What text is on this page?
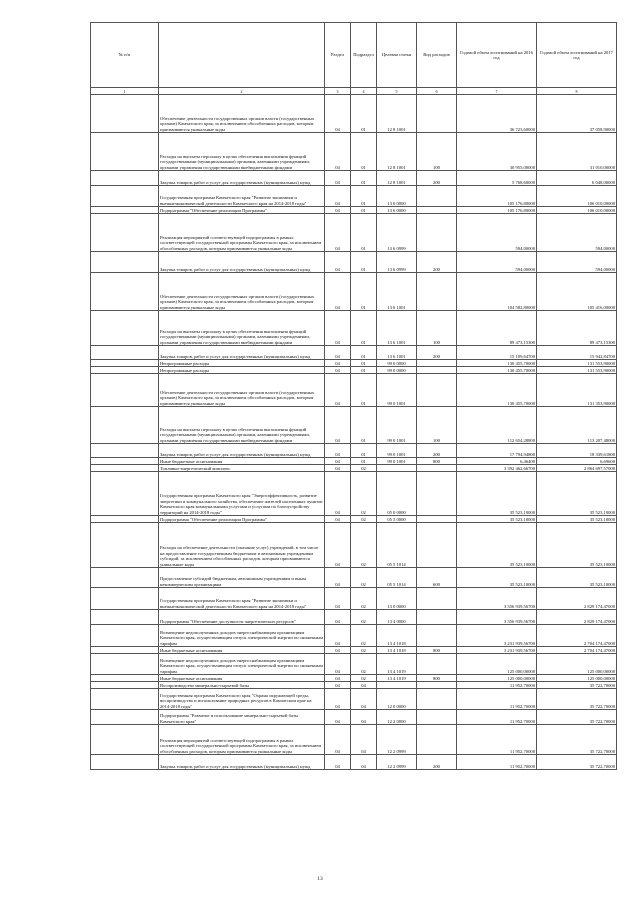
№ п/п		Раздел	Подраздел	Целевая статья	Вид расходов	Годовой объем ассигнований на 2016 год	Годовой объем ассигнований на 2017 год
1	2	3	4	5	6	7	8
	Обеспечение деятельности государственных органов власти (государственных органов) Камчатского края, за исключением обособленных расходов, которым присваиваются уникальные коды	04	01	12 8 1001		36 723,60000	37 058,90000
	Расходы на выплаты персоналу в целях обеспечения выполнения функций государственными (муниципальными) органами, казенными учреждениями, органами управления государственными внебюджетными фондами	04	01	12 8 1001	100	30 955,00000	31 010,00000
	Закупка товаров, работ и услуг для государственных (муниципальных) нужд	04	01	12 8 1001	200	5 768,60000	6 048,00000
	Государственная программа Камчатского края "Развитие экономики и внешнеэкономической деятельности Камчатского края на 2014-2018 годы"	04	01	13 0 0000		105 176,80000	106 010,00000
	Подпрограмма "Обеспечение реализации Программы"	04	01	13 6 0000		105 176,80000	106 010,00000
	Реализация мероприятий соответствующей подпрограммы в рамках соответствующей государственной программы Камчатского края, за исключением обособленных расходов, которым присваиваются уникальные коды	04	01	13 6 0999		594,00000	594,00000
	Закупка товаров, работ и услуг для государственных (муниципальных) нужд	04	01	13 6 0999	200	594,00000	594,00000
	Обеспечение деятельности государственных органов власти (государственных органов) Камчатского края, за исключением обособленных расходов, которым присваиваются уникальные коды	04	01	13 6 1001		104 582,80000	105 416,00000
	Расходы на выплаты персоналу в целях обеспечения выполнения функций государственными (муниципальными) органами, казенными учреждениями, органами управления государственными внебюджетными фондами	04	01	13 6 1001	100	89 473,15300	89 473,15300
	Закупка товаров, работ и услуг для государственных (муниципальных) нужд	04	01	13 6 1001	200	15 109,64700	15 942,84700
	Непрограммные расходы	04	01	99 0 0000		130 455,70000	131 553,90000
	Непрограммные расходы	04	01	99 0 0000		130 455,70000	131 553,90000
	Обеспечение деятельности государственных органов власти (государственных органов) Камчатского края, за исключением обособленных расходов, которым присваиваются уникальные коды	04	01	99 0 1001		130 455,70000	131 353,90000
	Расходы на выплаты персоналу в целях обеспечения выполнения функций государственными (муниципальными) органами, казенными учреждениями, органами управления государственными внебюджетными фондами	04	01	99 0 1001	100	112 654,28800	113 207,48000
	Закупка товаров, работ и услуг для государственных (муниципальных) нужд	04	01	99 0 1001	200	17 794,94800	18 339,61800
	Иные бюджетные ассигнования	04	01	99 0 1001	800	6,46400	6,69600
	Топливно-энергетический комплекс	04	02			3 392 462,66700	2 864 697,57000
	Государственная программа Камчатского края "Энергоэффективность, развитие энергетики и коммунального хозяйства, обеспечение жителей населенных пунктов Камчатского края коммунальными услугами и услугами по благоустройству территорий на 2014-2018 годы"	04	02	05 0 0000		35 523,10000	35 523,10000
	Подпрограмма "Обеспечение реализации Программы"	04	02	05 5 0000		35 523,10000	35 523,10000
	Расходы на обеспечение деятельности (оказание услуг) учреждений, в том числе на предоставление государственным бюджетным и автономным учреждениям субсидий, за исключением обособленных расходов, которым присваиваются уникальные коды	04	02	05 5 1014		35 523,10000	35 523,10000
	Предоставление субсидий бюджетным, автономным учреждениям и иным некоммерческим организациям	04	02	05 5 1014	600	35 523,10000	35 523,10000
	Государственная программа Камчатского края "Развитие экономики и внешнеэкономической деятельности Камчатского края на 2014-2018 годы"	04	02	13 0 0000		3 356 939,56700	2 829 174,47000
	Подпрограмма "Обеспечение доступности энергетических ресурсов"	04	02	13 4 0000		3 356 939,56700	2 829 174,47000
	Возмещение недополученных доходов энергоснабжающим организациям Камчатского края, осуществляющим отпуск электрической энергии по сниженным тарифам	04	02	13 4 1018		3 231 939,56700	2 704 174,47000
	Иные бюджетные ассигнования	04	02	13 4 1018	800	3 231 939,56700	2 704 174,47000
	Возмещение недополученных доходов энергоснабжающим организациям Камчатского края, осуществляющим отпуск электрической энергии по сниженным тарифам	04	02	13 4 1019		125 000,00000	125 000,00000
	Иные бюджетные ассигнования	04	02	13 4 1019	800	125 000,00000	125 000,00000
	Воспроизводство минерально-сырьевой базы	04	04			11 952,70000	35 722,70000
	Государственная программа Камчатского края "Охрана окружающей среды, воспроизводство и использование природных ресурсов в Камчатском крае на 2014-2018 годы"	04	04	12 0 0000		11 952,70000	35 722,70000
	Подпрограмма "Развитие и использование минерально-сырьевой базы Камчатского края"	04	04	12 2 0000		11 952,70000	35 722,70000
	Реализация мероприятий соответствующей подпрограммы в рамках соответствующей государственной программы Камчатского края, за исключением обособленных расходов, которым присваиваются уникальные коды	04	04	12 2 0999		11 952,70000	35 722,70000
	Закупка товаров, работ и услуг для государственных (муниципальных) нужд	04	04	12 2 0999	200	11 952,70000	35 722,70000
13
